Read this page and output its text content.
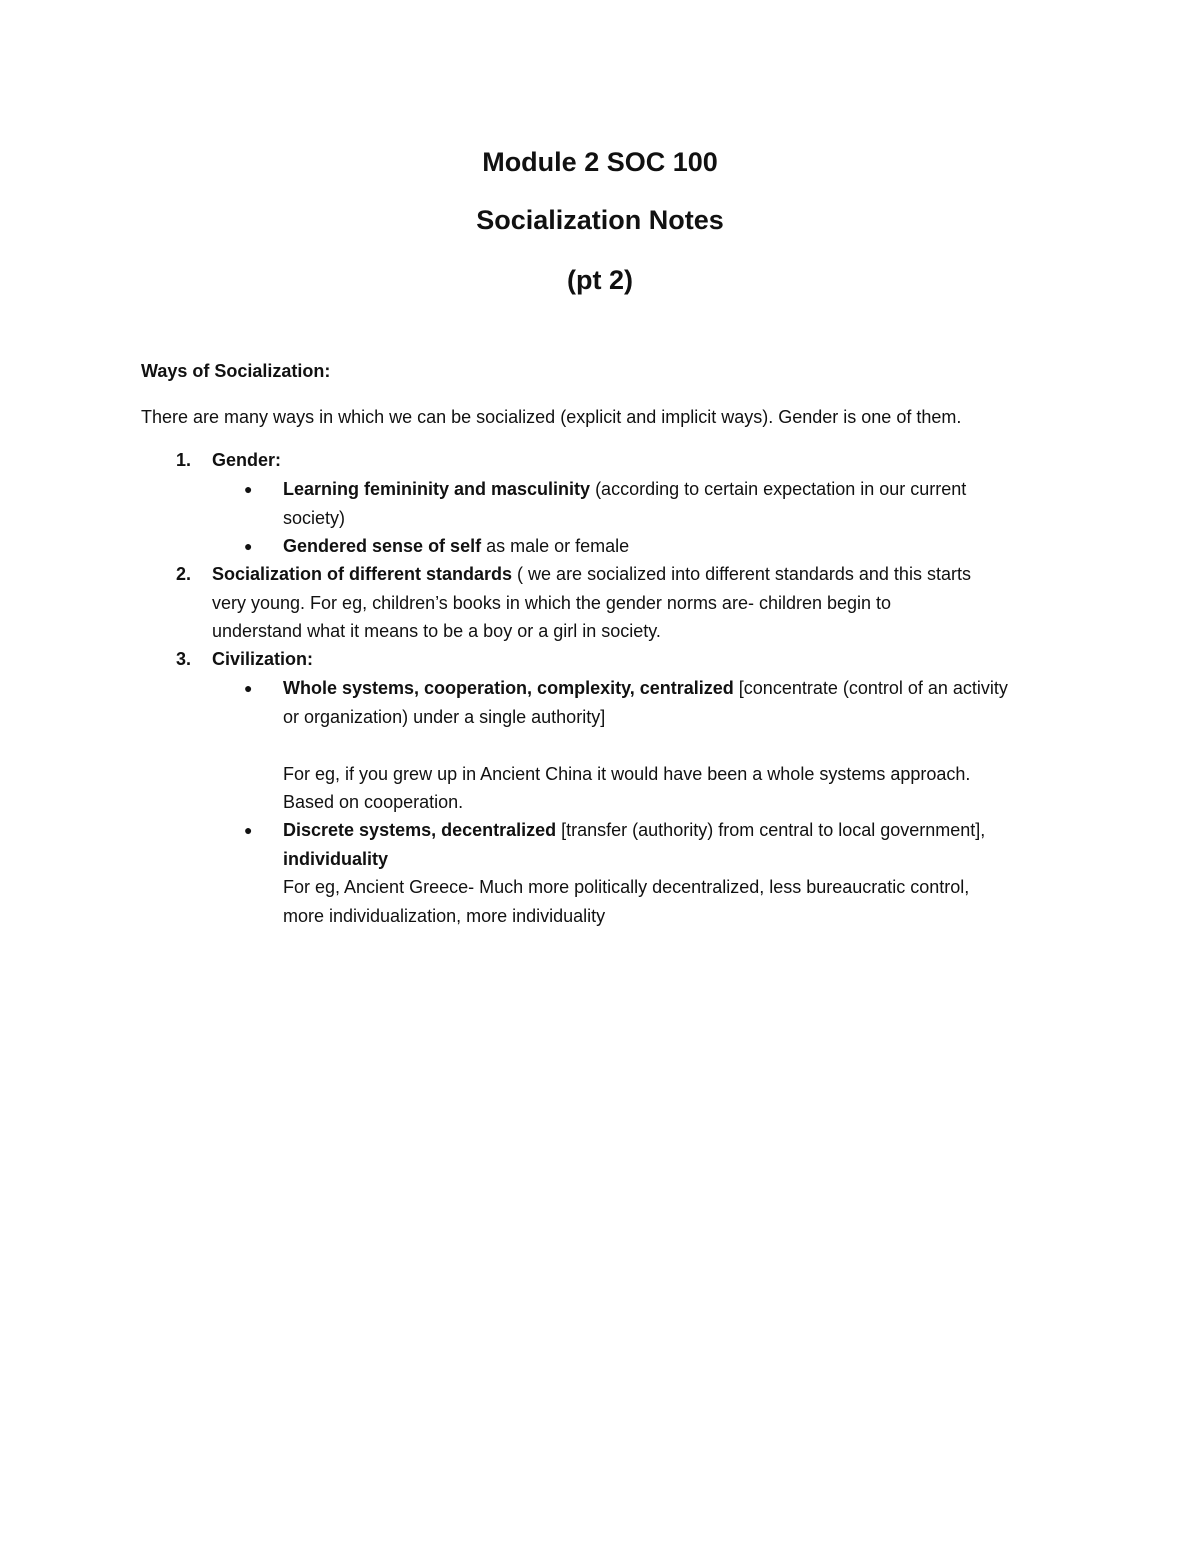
Module 2 SOC 100
Socialization Notes
(pt 2)

Ways of Socialization:

There are many ways in which we can be socialized (explicit and implicit ways). Gender is one of them.

1. Gender:
● Learning femininity and masculinity (according to certain expectation in our current
society)
● Gendered sense of self as male or female
2. Socialization of different standards ( we are socialized into different standards and this starts
very young. For eg, children’s books in which the gender norms are- children begin to
understand what it means to be a boy or a girl in society.
3. Civilization:
● Whole systems, cooperation, complexity, centralized [concentrate (control of an activity
or organization) under a single authority]

For eg, if you grew up in Ancient China it would have been a whole systems approach.
Based on cooperation.
● Discrete systems, decentralized [transfer (authority) from central to local government],
individuality
For eg, Ancient Greece- Much more politically decentralized, less bureaucratic control,
more individualization, more individuality
